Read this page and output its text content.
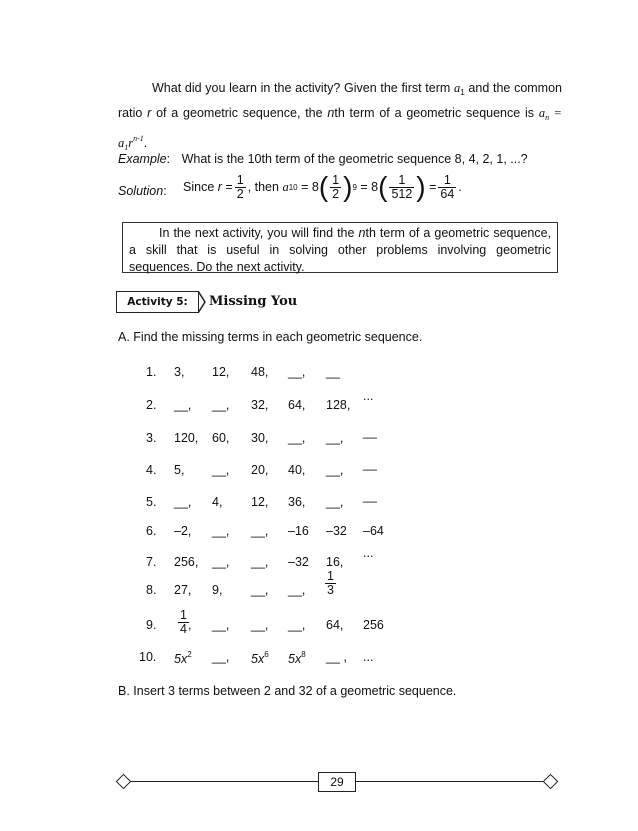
What did you learn in the activity? Given the first term $a_1$ and the common ratio r of a geometric sequence, the nth term of a geometric sequence is $a_n = a_1r^{n-1}$.
Example: What is the 10th term of the geometric sequence 8, 4, 2, 1, ...?
Solution: Since
r
= $\frac{1}{2}$ , then
a 10
= 8 ( $\frac{1}{2}$ ) 9
= 8 ( $\frac{1}{512}$ )
= $\frac{1}{64}$ .
In the next activity, you will find the nth term of a geometric sequence, a skill that is useful in solving other problems involving geometric sequences. Do the next activity.
Activity 5:	Missing You
A. Find the missing terms in each geometric sequence.
1. 3, 12, 48, __, __
2. __, __, 32, 64, 128,
...
3. 120, 60, 30, __, __, __
4. 5, __, 20, 40, __, __
5. __, 4, 12, 36, __, __
6. –2, __, __, –16 –32 –64
7. 256, __, __, –32 16,
...
8. 27, 9, __, __, $\frac{1}{3}$
9. $\frac{1}{4}$ , __, __, __, 64, 256
10. $5x^2$ __, $5x^6$ $5x^8$ __ , ...
B. Insert 3 terms between 2 and 32 of a geometric sequence.
29
